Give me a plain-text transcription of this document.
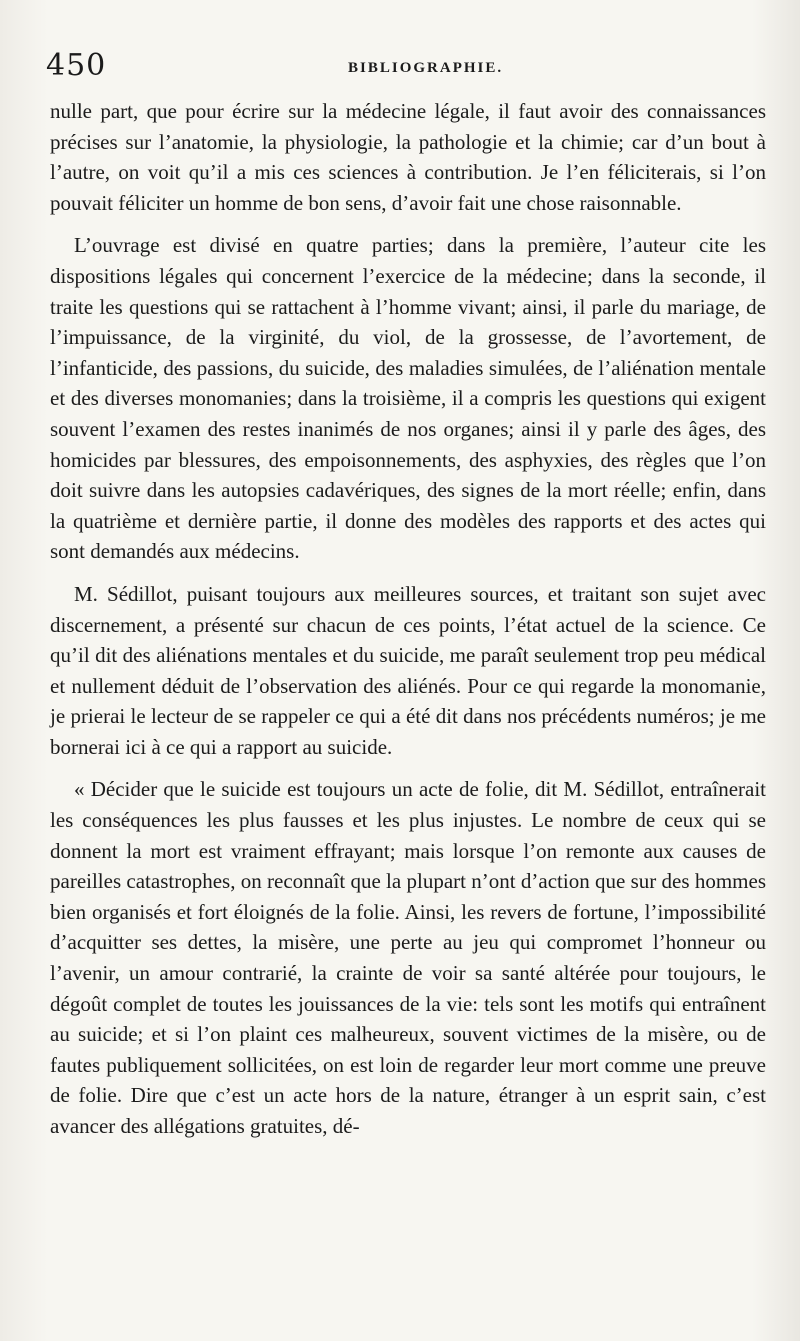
450	BIBLIOGRAPHIE.

nulle part, que pour écrire sur la médecine légale, il faut avoir des connaissances précises sur l’anatomie, la physiologie, la pathologie et la chimie; car d’un bout à l’autre, on voit qu’il a mis ces sciences à contribution. Je l’en féliciterais, si l’on pouvait féliciter un homme de bon sens, d’avoir fait une chose raisonnable.

L’ouvrage est divisé en quatre parties; dans la première, l’auteur cite les dispositions légales qui concernent l’exercice de la médecine; dans la seconde, il traite les questions qui se rattachent à l’homme vivant; ainsi, il parle du mariage, de l’impuissance, de la virginité, du viol, de la grossesse, de l’avortement, de l’infanticide, des passions, du suicide, des maladies simulées, de l’aliénation mentale et des diverses monomanies; dans la troisième, il a compris les questions qui exigent souvent l’examen des restes inanimés de nos organes; ainsi il y parle des âges, des homicides par blessures, des empoisonnements, des asphyxies, des règles que l’on doit suivre dans les autopsies cadavériques, des signes de la mort réelle; enfin, dans la quatrième et dernière partie, il donne des modèles des rapports et des actes qui sont demandés aux médecins.

M. Sédillot, puisant toujours aux meilleures sources, et traitant son sujet avec discernement, a présenté sur chacun de ces points, l’état actuel de la science. Ce qu’il dit des aliénations mentales et du suicide, me paraît seulement trop peu médical et nullement déduit de l’observation des aliénés. Pour ce qui regarde la monomanie, je prierai le lecteur de se rappeler ce qui a été dit dans nos précédents numéros; je me bornerai ici à ce qui a rapport au suicide.

« Décider que le suicide est toujours un acte de folie, dit M. Sédillot, entraînerait les conséquences les plus fausses et les plus injustes. Le nombre de ceux qui se donnent la mort est vraiment effrayant; mais lorsque l’on remonte aux causes de pareilles catastrophes, on reconnaît que la plupart n’ont d’action que sur des hommes bien organisés et fort éloignés de la folie. Ainsi, les revers de fortune, l’impossibilité d’acquitter ses dettes, la misère, une perte au jeu qui compromet l’honneur ou l’avenir, un amour contrarié, la crainte de voir sa santé altérée pour toujours, le dégoût complet de toutes les jouissances de la vie: tels sont les motifs qui entraînent au suicide; et si l’on plaint ces malheureux, souvent victimes de la misère, ou de fautes publiquement sollicitées, on est loin de regarder leur mort comme une preuve de folie. Dire que c’est un acte hors de la nature, étranger à un esprit sain, c’est avancer des allégations gratuites, dé-
